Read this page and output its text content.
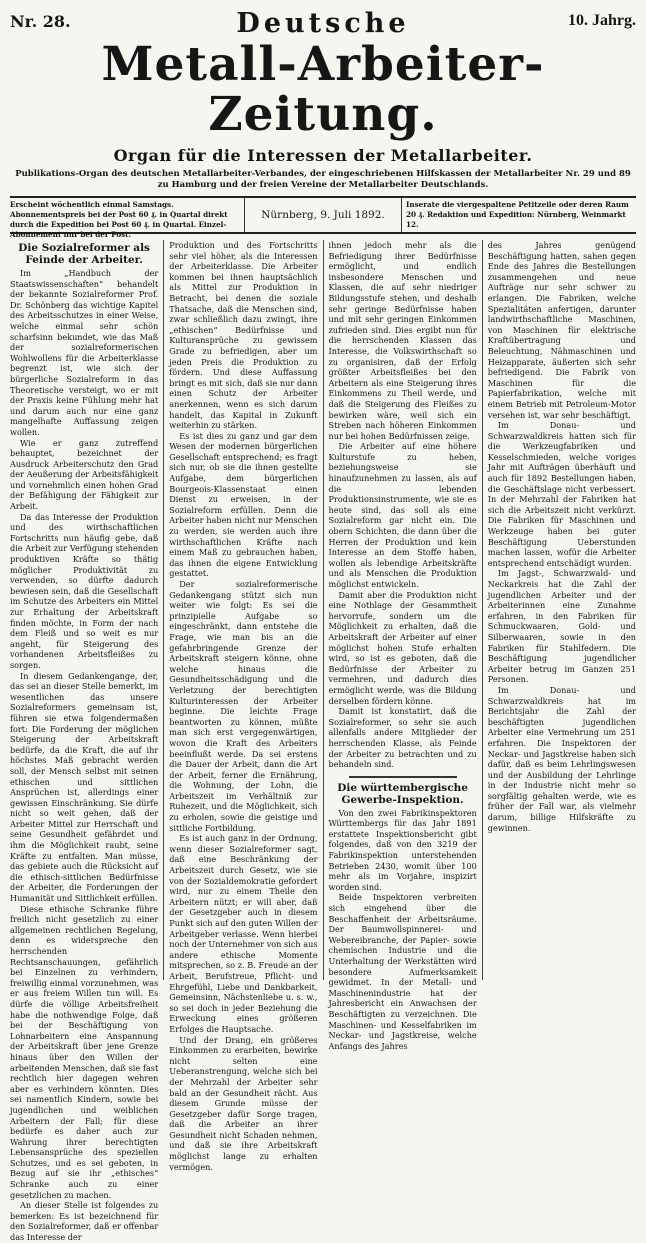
Nr. 28.	Deutsche	10. Jahrg.
Metall-Arbeiter-Zeitung.
Organ für die Interessen der Metallarbeiter.
Publikations-Organ des deutschen Metallarbeiter-Verbandes, der eingeschriebenen Hilfskassen der Metallarbeiter Nr. 29 und 89 zu Hamburg und der freien Vereine der Metallarbeiter Deutschlands.
Erscheint wöchentlich einmal Samstags. Abonnementspreis bei der Post 60 ₰. in Quartal direkt durch die Expedition bei Post 60 ₰. in Quartal. Einzel-Abonnement nur bei der Post.
Nürnberg, 9. Juli 1892.
Inserate die viergespaltene Petitzeile oder deren Raum 20 ₰. Redaktion und Expedition: Nürnberg, Weinmarkt 12.
Die Sozialreformer als Feinde der Arbeiter.

Im „Handbuch der Staatswissenschaften“ behandelt der bekannte Sozialreformer Prof. Dr. Schönberg das wichtige Kapitel des Arbeitsschutzes in einer Weise, welche einmal sehr schön scharfsinn bekundet, wie das Maß der sozialreformerischen Wohlwollens für die Arbeiterklasse begrenzt ist, wie sich der bürgerliche Sozialreform in das Theoretische versteigt, wo er mit der Praxis keine Fühlung mehr hat und darum auch nur eine ganz mangelhafte Auffassung zeigen wollen.

Wie er ganz zutreffend behauptet, bezeichnet der Ausdruck Arbeiterschutz den Grad der Aeußerung der Arbeitsfähigkeit und vornehmlich einen hohen Grad der Befähigung der Fähigkeit zur Arbeit.

Da das Interesse der Produktion und des wirthschaftlichen Fortschritts nun häufig gebe, daß die Arbeit zur Verfügung stehenden produktiven Kräfte so thätig möglicher Produktivität zu verwenden, so dürfte dadurch bewiesen sein, daß die Gesellschaft im Schutze des Arbeiters ein Mittel zur Erhaltung der Arbeitskraft finden möchte, in Form der nach dem Fleiß und so weit es nur angeht, für Steigerung des vorhandenen Arbeitsfleißes zu sorgen.

In diesem Gedankengange, der, das sei an dieser Stelle bemerkt, im wesentlichen das unsere Sozialreformers gemeinsam ist, führen sie etwa folgendermaßen fort: Die Forderung der möglichen Steigerung der Arbeitskraft bedürfe, da die Kraft, die auf ihr höchstes Maß gebracht werden soll, der Mensch selbst mit seinen ethischen und sittlichen Ansprüchen ist, allerdings einer gewissen Einschränkung. Sie dürfe nicht so weit gehen, daß der Arbeiter Mittel zur Herrschaft und seine Gesundheit gefährdet und ihm die Möglichkeit raubt, seine Kräfte zu entfalten. Man müsse, das gebiete auch die Rücksicht auf die ethisch-sittlichen Bedürfnisse der Arbeiter, die Forderungen der Humanität und Sittlichkeit erfüllen.

Diese ethische Schranke führe freilich nicht gesetzlich zu einer allgemeinen rechtlichen Regelung, denn es widerspreche den herrschenden Rechtsanschauungen, gefährlich bei Einzelnen zu verhindern, freiwillig einmal vorzunehmen, was er aus freiem Willen tun will. Es dürfe die völlige Arbeitsfreiheit habe die nothwendige Folge, daß bei der Beschäftigung von Lohnarbeitern eine Anspannung der Arbeitskraft über jene Grenze hinaus über den Willen der arbeitenden Menschen, daß sie fast rechtlich hier dagegen wehren aber es verhindern könnten. Dies sei namentlich Kindern, sowie bei jugendlichen und weiblichen Arbeitern der Fall; für diese bedürfe es daher auch zur Wahrung ihrer berechtigten Lebensansprüche des speziellen Schutzes, und es sei geboten, in Bezug auf sie ihr „ethisches“ Schranke auch zu einer gesetzlichen zu machen.

An dieser Stelle ist folgendes zu bemerken: Es ist bezeichnend für den Sozialreformer, daß er offenbar das Interesse der

Produktion und des Fortschritts sehr viel höher, als die Interessen der Arbeiterklasse. Die Arbeiter kommen bei ihnen hauptsächlich als Mittel zur Produktion in Betracht, bei denen die soziale Thatsache, daß die Menschen sind, zwar schließlich dazu zwingt, ihre „ethischen“ Bedürfnisse und Kulturansprüche zu gewissem Grade zu befriedigen, aber um jeden Preis die Produktion zu fördern. Und diese Auffassung bringt es mit sich, daß sie nur dann einen Schutz der Arbeiter anerkennen, wenn es sich darum handelt, das Kapital in Zukunft weiterhin zu stärken.

Es ist dies zu ganz und gar dem Wesen der modernen bürgerlichen Gesellschaft entsprechend; es fragt sich nur, ob sie die ihnen gestellte Aufgabe, dem bürgerlichen Bourgeois-Klassenstaat einen Dienst zu erweisen, in der Sozialreform erfüllen. Denn die Arbeiter haben nicht nur Menschen zu werden, sie werden auch ihre wirthschaftlichen Kräfte nach einem Maß zu gebrauchen haben, das ihnen die eigene Entwicklung gestattet.

Der sozialreformerische Gedankengang stützt sich nun weiter wie folgt: Es sei die prinzipielle Aufgabe so eingeschränkt, dann entstehe die Frage, wie man bis an die gefahrbringende Grenze der Arbeitskraft steigern könne, ohne welche hinaus die Gesundheitsschädigung und die Verletzung der berechtigten Kulturinteressen der Arbeiter beginne. Die leichte Frage beantworten zu können, müßte man sich erst vergegenwärtigen, wovon die Kraft des Arbeiters beeinflußt werde. Da sei erstens die Dauer der Arbeit, dann die Art der Arbeit, ferner die Ernährung, die Wohnung, der Lohn, die Arbeitszeit im Verhältniß zur Ruhezeit, und die Möglichkeit, sich zu erholen, sowie die geistige und sittliche Fortbildung.

Es ist auch ganz in der Ordnung, wenn dieser Sozialreformer sagt, daß eine Beschränkung der Arbeitszeit durch Gesetz, wie sie von der Sozialdemokratie gefordert wird, nur zu einem Theile den Arbeitern nützt; er will aber, daß der Gesetzgeber auch in diesem Punkt sich auf den guten Willen der Arbeitgeber verlasse. Wenn hierbei noch der Unternehmer von sich aus andere ethische Momente mitsprechen, so z. B. Freude an der Arbeit, Berufstreue, Pflicht- und Ehrgefühl, Liebe und Dankbarkeit, Gemeinsinn, Nächstenliebe u. s. w., so sei doch in jeder Beziehung die Erweckung eines größeren Erfolges die Hauptsache.

Und der Drang, ein größeres Einkommen zu erarbeiten, bewirke nicht selten eine Ueberanstrengung, welche sich bei der Mehrzahl der Arbeiter sehr bald an der Gesundheit rächt. Aus diesem Grunde müsse der Gesetzgeber dafür Sorge tragen, daß die Arbeiter an ihrer Gesundheit nicht Schaden nehmen, und daß sie ihre Arbeitskraft möglichst lange zu erhalten vermögen.

ihnen jedoch mehr als die Befriedigung ihrer Bedürfnisse ermöglicht, und endlich insbesondere Menschen und Klassen, die auf sehr niedriger Bildungsstufe stehen, und deshalb sehr geringe Bedürfnisse haben und mit sehr geringen Einkommen zufrieden sind. Dies ergibt nun für die herrschenden Klassen das Interesse, die Volkswirthschaft so zu organisiren, daß der Erfolg größter Arbeitsfleißes bei den Arbeitern als eine Steigerung ihres Einkommens zu Theil werde, und daß die Steigerung des Fleißes zu bewirken wäre, weil sich ein Streben nach höheren Einkommen nur bei hohen Bedürfnissen zeige.

Die Arbeiter auf eine höhere Kulturstufe zu heben, beziehungsweise sie hinaufzunehmen zu lassen, als auf die lebenden Produktionsinstrumente, wie sie es heute sind, das soll als eine Sozialreform gar nicht ein. Die obern Schichten, die dann über die Herren der Produktion und kein Interesse an dem Stoffe haben, wollen als lebendige Arbeitskräfte und als Menschen die Produktion möglichst entwickeln.

Damit aber die Produktion nicht eine Nothlage der Gesammtheit hervorrufe, sondern um die Möglichkeit zu erhalten, daß die Arbeitskraft der Arbeiter auf einer möglichst hohen Stufe erhalten wird, so ist es geboten, daß die Bedürfnisse der Arbeiter zu vermehren, und dadurch dies ermöglicht werde, was die Bildung derselben fördern könne.

Damit ist konstatirt, daß die Sozialreformer, so sehr sie auch allenfalls andere Mitglieder der herrschenden Klasse, als Feinde der Arbeiter zu betrachten und zu behandeln sind.

Die württembergische Gewerbe-Inspektion.

Von den zwei Fabrikinspektoren Württembergs für das Jahr 1891 erstattete Inspektionsbericht gibt folgendes, daß von den 3219 der Fabrikinspektion unterstehenden Betrieben 2430, womit über 100 mehr als im Vorjahre, inspizirt worden sind.

Beide Inspektoren verbreiten sich eingehend über die Beschaffenheit der Arbeitsräume. Der Baumwollspinnerei- und Webereibranche, der Papier- sowie chemischen Industrie und die Unterhaltung der Werkstätten wird besondere Aufmerksamkeit gewidmet. In der Metall- und Maschinenindustrie hat der Jahresbericht ein Anwachsen der Beschäftigten zu verzeichnen. Die Maschinen- und Kesselfabriken im Neckar- und Jagstkreise, welche Anfangs des Jahres

des Jahres genügend Beschäftigung hatten, sahen gegen Ende des Jahres die Bestellungen zusammengehen und neue Aufträge nur sehr schwer zu erlangen. Die Fabriken, welche Spezialitäten anfertigen, darunter landwirthschaftliche Maschinen, von Maschinen für elektrische Kraftübertragung und Beleuchtung, Nähmaschinen und Heizapparate, äußerten sich sehr befriedigend. Die Fabrik von Maschinen für die Papierfabrikation, welche mit einem Betrieb mit Petroleum-Motor versehen ist, war sehr beschäftigt.

Im Donau- und Schwarzwaldkreis hatten sich für die Werkzeugfabriken und Kesselschmieden, welche voriges Jahr mit Aufträgen überhäuft und auch für 1892 Bestellungen haben, die Geschäftslage nicht verbessert. In der Mehrzahl der Fabriken hat sich die Arbeitszeit nicht verkürzt. Die Fabriken für Maschinen und Werkzeuge haben bei guter Beschäftigung Ueberstunden machen lassen, wofür die Arbeiter entsprechend entschädigt wurden.

Im Jagst-, Schwarzwald- und Neckarkreis hat die Zahl der jugendlichen Arbeiter und der Arbeiterinnen eine Zunahme erfahren, in den Fabriken für Schmuckwaaren, Gold- und Silberwaaren, sowie in den Fabriken für Stahlfedern. Die Beschäftigung jugendlicher Arbeiter betrug im Ganzen 251 Personen.

Im Donau- und Schwarzwaldkreis hat im Berichtsjahr die Zahl der beschäftigten jugendlichen Arbeiter eine Vermehrung um 251 erfahren. Die Inspektoren der Neckar- und Jagstkreise haben sich dafür, daß es beim Lehrlingswesen und der Ausbildung der Lehrlinge in der Industrie nicht mehr so sorgfältig gehalten werde, wie es früher der Fall war, als vielmehr darum, billige Hilfskräfte zu gewinnen.
